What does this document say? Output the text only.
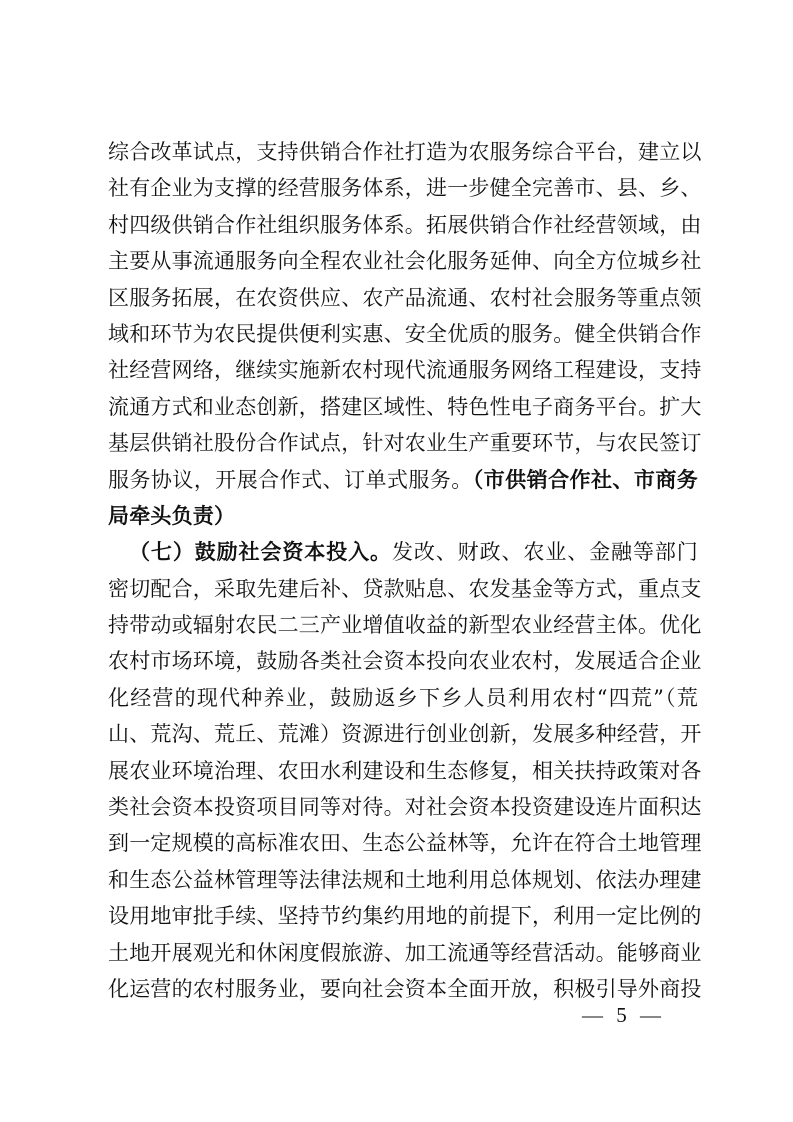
综合改革试点，支持供销合作社打造为农服务综合平台，建立以
社有企业为支撑的经营服务体系，进一步健全完善市、县、乡、
村四级供销合作社组织服务体系。拓展供销合作社经营领域，由
主要从事流通服务向全程农业社会化服务延伸、向全方位城乡社
区服务拓展，在农资供应、农产品流通、农村社会服务等重点领
域和环节为农民提供便利实惠、安全优质的服务。健全供销合作
社经营网络，继续实施新农村现代流通服务网络工程建设，支持
流通方式和业态创新，搭建区域性、特色性电子商务平台。扩大
基层供销社股份合作试点，针对农业生产重要环节，与农民签订
服务协议，开展合作式、订单式服务。（市供销合作社、市商务
局牵头负责）
（七）鼓励社会资本投入。发改、财政、农业、金融等部门
密切配合，采取先建后补、贷款贴息、农发基金等方式，重点支
持带动或辐射农民二三产业增值收益的新型农业经营主体。优化
农村市场环境，鼓励各类社会资本投向农业农村，发展适合企业
化经营的现代种养业，鼓励返乡下乡人员利用农村“四荒”（荒
山、荒沟、荒丘、荒滩）资源进行创业创新，发展多种经营，开
展农业环境治理、农田水利建设和生态修复，相关扶持政策对各
类社会资本投资项目同等对待。对社会资本投资建设连片面积达
到一定规模的高标准农田、生态公益林等，允许在符合土地管理
和生态公益林管理等法律法规和土地利用总体规划、依法办理建
设用地审批手续、坚持节约集约用地的前提下，利用一定比例的
土地开展观光和休闲度假旅游、加工流通等经营活动。能够商业
化运营的农村服务业，要向社会资本全面开放，积极引导外商投
— 5 —
